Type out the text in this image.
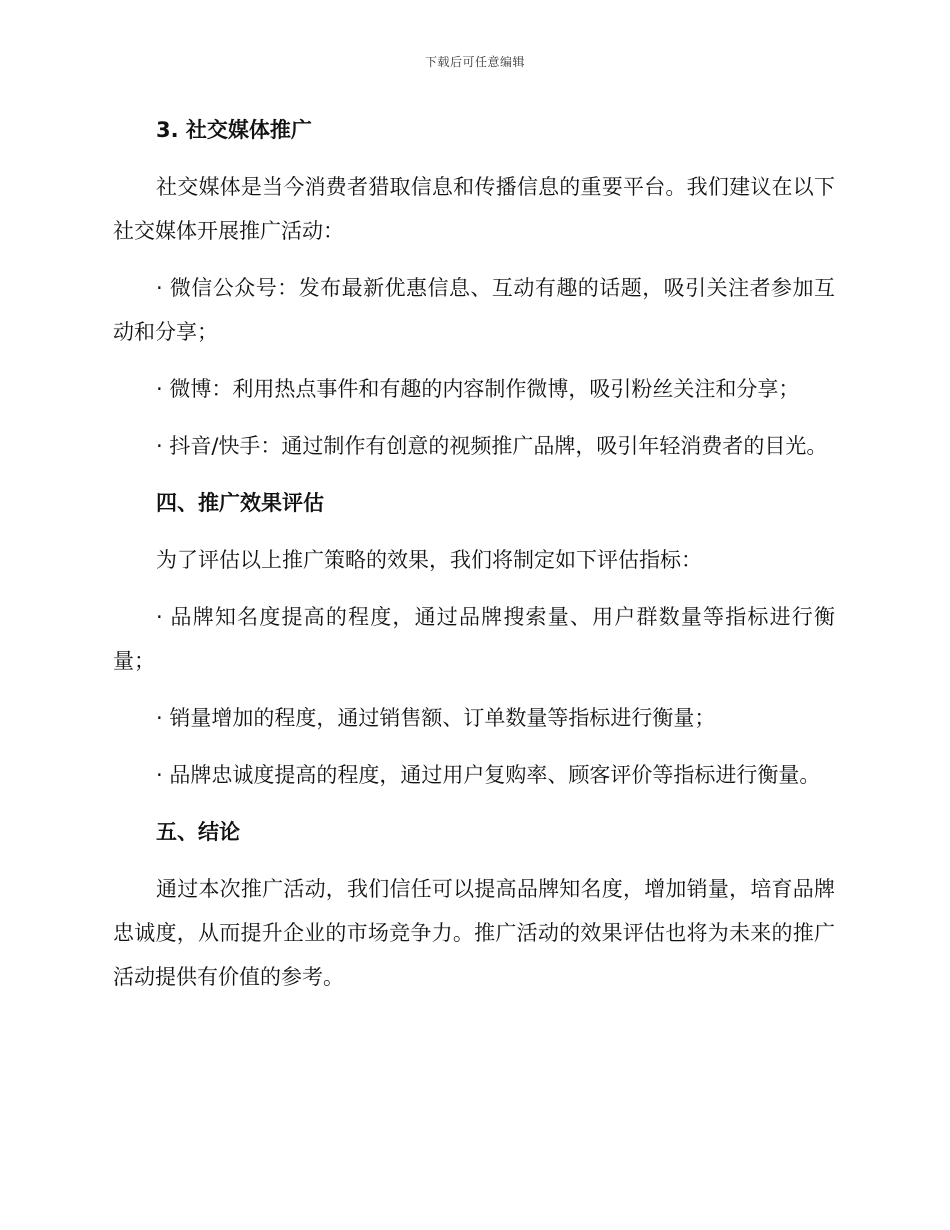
下载后可任意编辑
3. 社交媒体推广

社交媒体是当今消费者猎取信息和传播信息的重要平台。我们建议在以下社交媒体开展推广活动：

· 微信公众号：发布最新优惠信息、互动有趣的话题，吸引关注者参加互动和分享；

· 微博：利用热点事件和有趣的内容制作微博，吸引粉丝关注和分享；

· 抖音/快手：通过制作有创意的视频推广品牌，吸引年轻消费者的目光。

四、推广效果评估

为了评估以上推广策略的效果，我们将制定如下评估指标：

· 品牌知名度提高的程度，通过品牌搜索量、用户群数量等指标进行衡量；

· 销量增加的程度，通过销售额、订单数量等指标进行衡量；

· 品牌忠诚度提高的程度，通过用户复购率、顾客评价等指标进行衡量。

五、结论

通过本次推广活动，我们信任可以提高品牌知名度，增加销量，培育品牌忠诚度，从而提升企业的市场竞争力。推广活动的效果评估也将为未来的推广活动提供有价值的参考。
